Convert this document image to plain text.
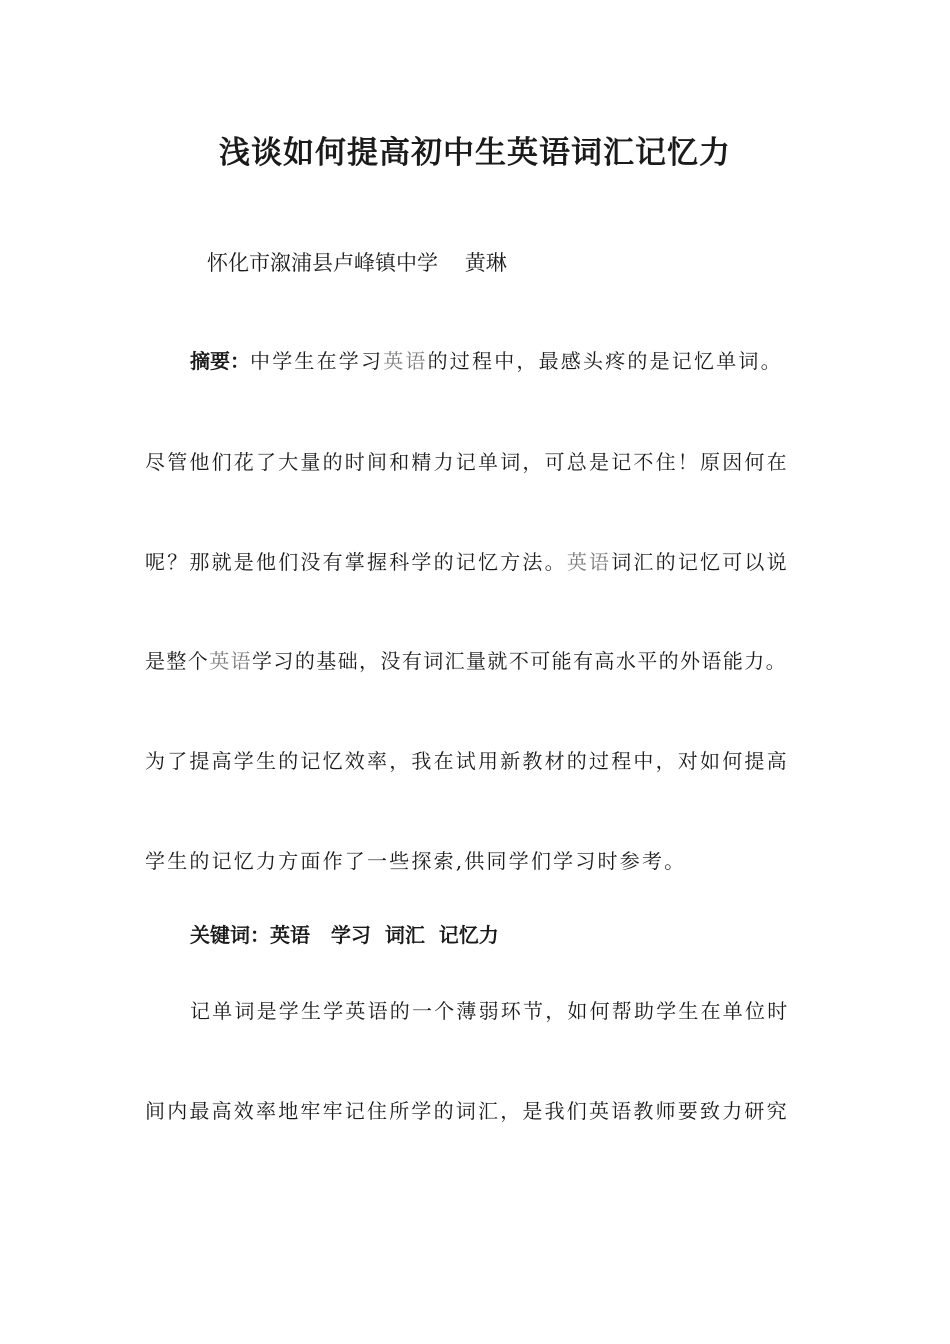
浅谈如何提高初中生英语词汇记忆力
怀化市溆浦县卢峰镇中学    黄琳
摘要：中学生在学习英语的过程中，最感头疼的是记忆单词。
尽管他们花了大量的时间和精力记单词，可总是记不住！原因何在
呢？那就是他们没有掌握科学的记忆方法。英语词汇的记忆可以说
是整个英语学习的基础，没有词汇量就不可能有高水平的外语能力。
为了提高学生的记忆效率，我在试用新教材的过程中，对如何提高
学生的记忆力方面作了一些探索,供同学们学习时参考。
关键词：英语   学习  词汇  记忆力
记单词是学生学英语的一个薄弱环节，如何帮助学生在单位时
间内最高效率地牢牢记住所学的词汇，是我们英语教师要致力研究
